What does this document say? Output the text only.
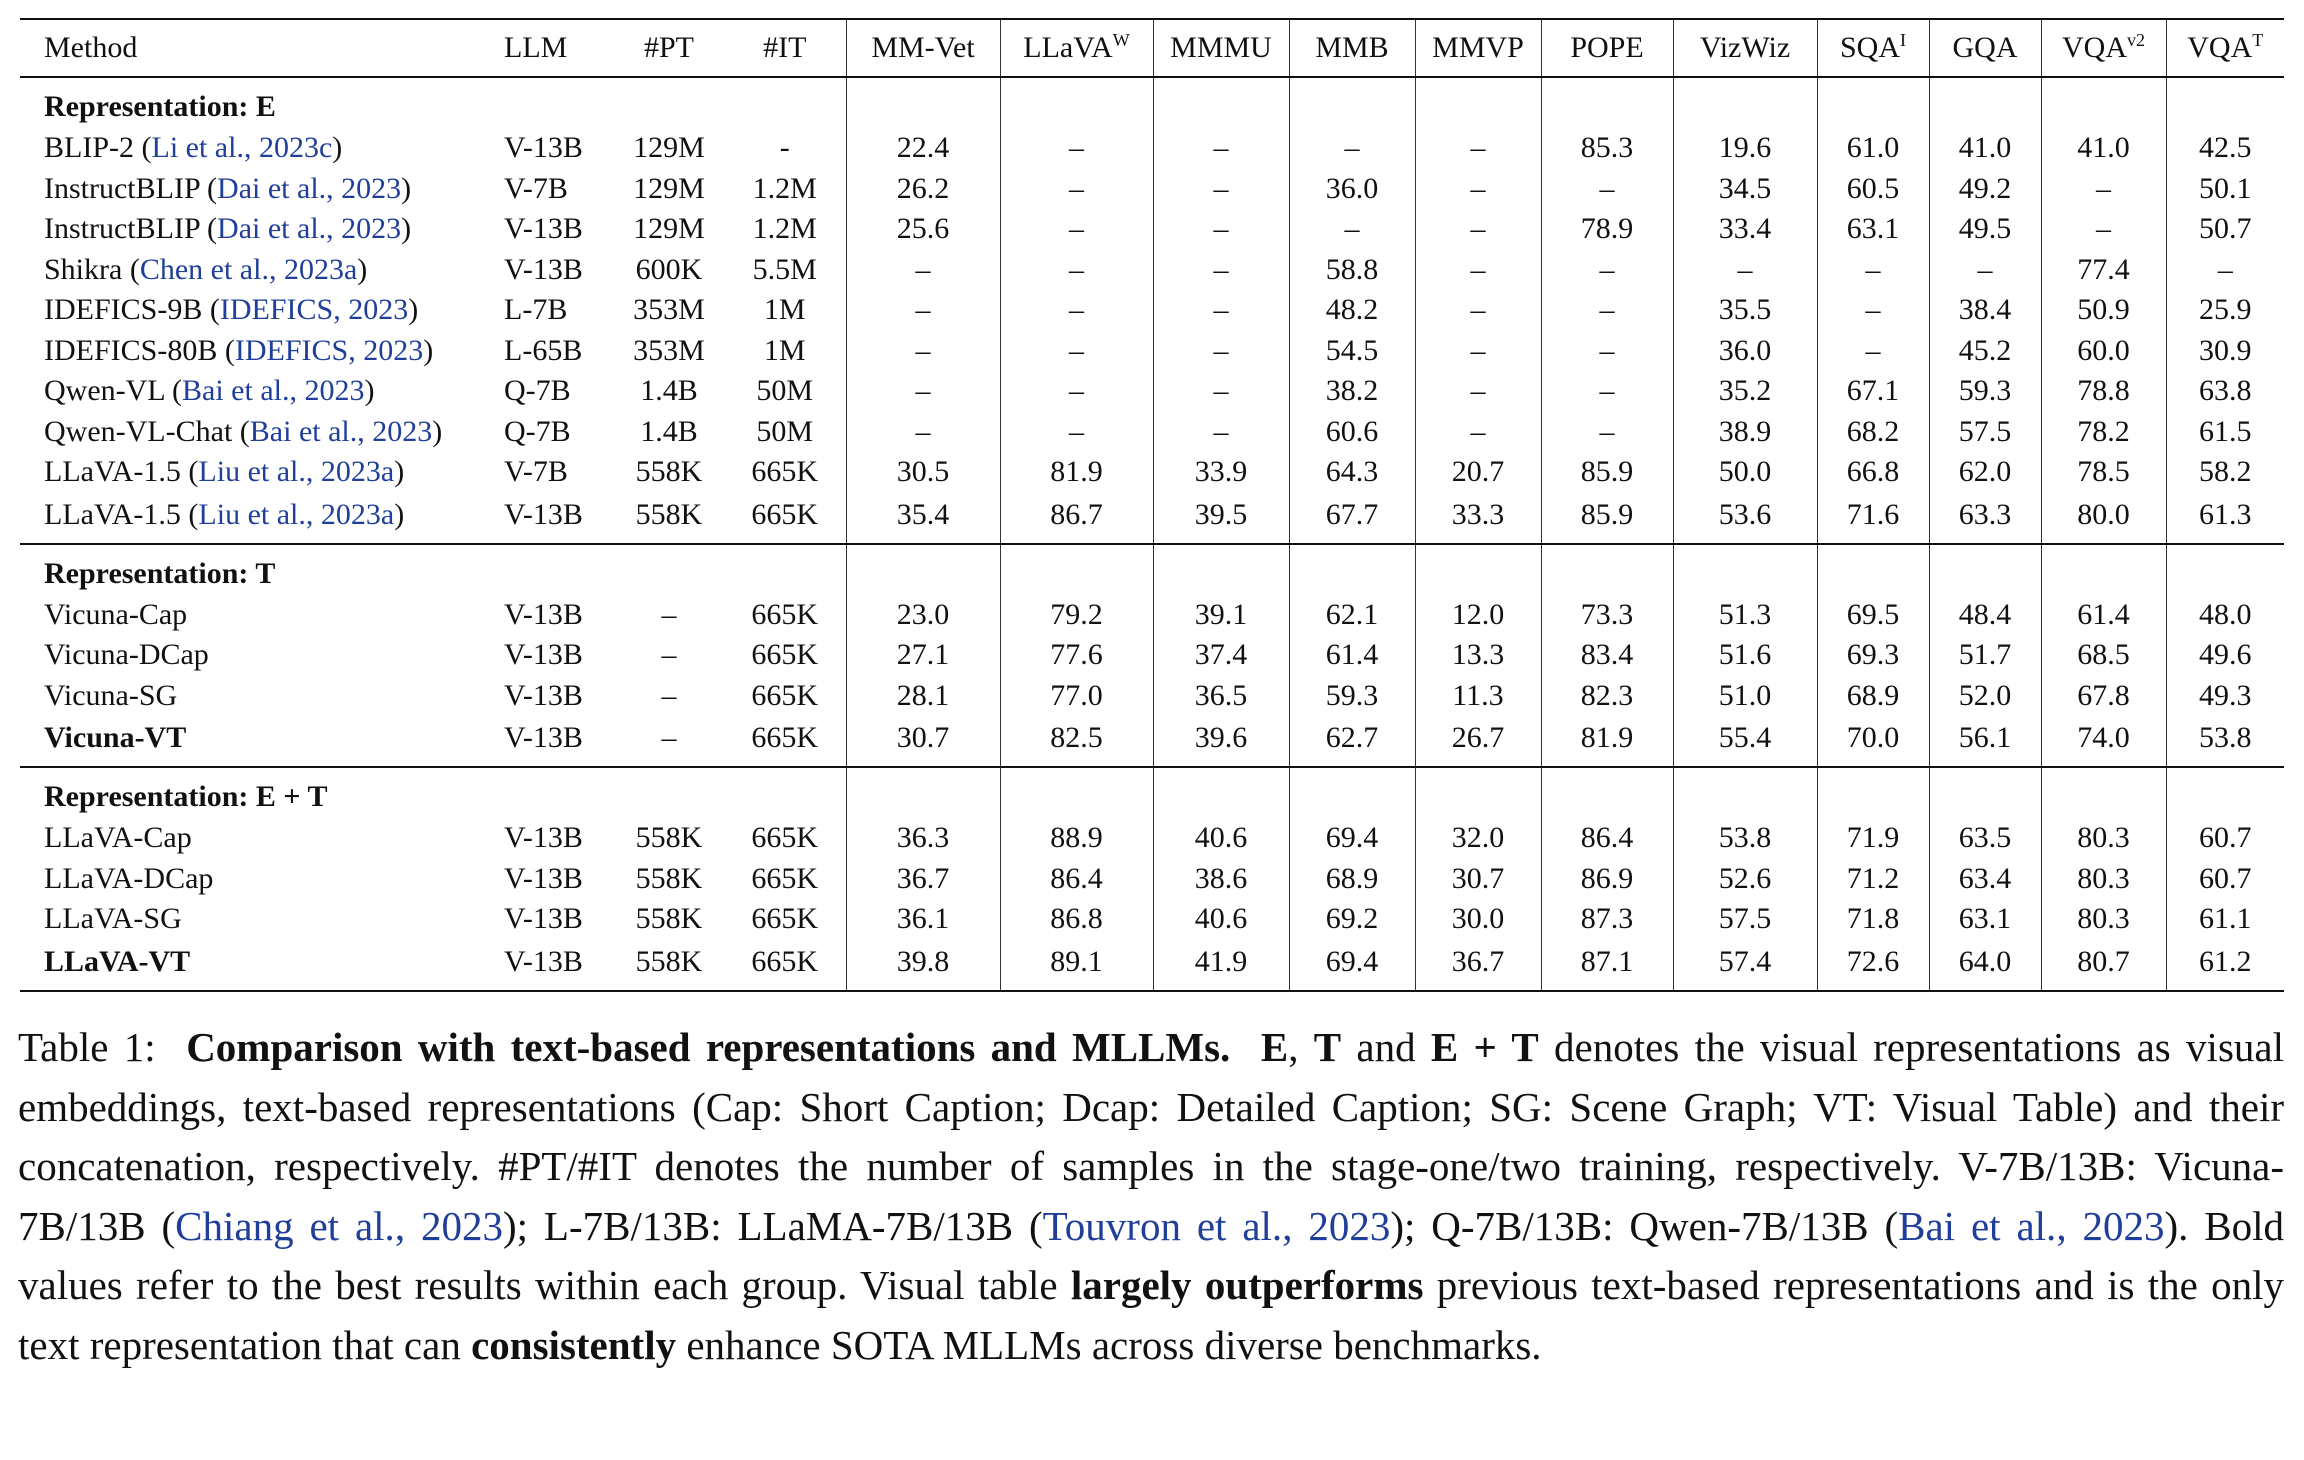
Method	LLM	#PT	#IT	MM-Vet	LLaVA$^W$	MMMU	MMB	MMVP	POPE	VizWiz	$SQA^I$	GQA	$VQA^{v2}$	$VQA^T$
Representation: E														
BLIP-2 (Li et al., 2023c)	V-13B	129M	-	22.4	–	–	–	–	85.3	19.6	61.0	41.0	41.0	42.5
InstructBLIP (Dai et al., 2023)	V-7B	129M	1.2M	26.2	–	–	36.0	–	–	34.5	60.5	49.2	–	50.1
InstructBLIP (Dai et al., 2023)	V-13B	129M	1.2M	25.6	–	–	–	–	78.9	33.4	63.1	49.5	–	50.7
Shikra (Chen et al., 2023a)	V-13B	600K	5.5M	–	–	–	58.8	–	–	–	–	–	77.4	–
IDEFICS-9B (IDEFICS, 2023)	L-7B	353M	1M	–	–	–	48.2	–	–	35.5	–	38.4	50.9	25.9
IDEFICS-80B (IDEFICS, 2023)	L-65B	353M	1M	–	–	–	54.5	–	–	36.0	–	45.2	60.0	30.9
Qwen-VL (Bai et al., 2023)	Q-7B	1.4B	50M	–	–	–	38.2	–	–	35.2	67.1	59.3	78.8	63.8
Qwen-VL-Chat (Bai et al., 2023)	Q-7B	1.4B	50M	–	–	–	60.6	–	–	38.9	68.2	57.5	78.2	61.5
LLaVA-1.5 (Liu et al., 2023a)	V-7B	558K	665K	30.5	81.9	33.9	64.3	20.7	85.9	50.0	66.8	62.0	78.5	58.2
LLaVA-1.5 (Liu et al., 2023a)	V-13B	558K	665K	35.4	86.7	39.5	67.7	33.3	85.9	53.6	71.6	63.3	80.0	61.3
Representation: T														
Vicuna-Cap	V-13B	–	665K	23.0	79.2	39.1	62.1	12.0	73.3	51.3	69.5	48.4	61.4	48.0
Vicuna-DCap	V-13B	–	665K	27.1	77.6	37.4	61.4	13.3	83.4	51.6	69.3	51.7	68.5	49.6
Vicuna-SG	V-13B	–	665K	28.1	77.0	36.5	59.3	11.3	82.3	51.0	68.9	52.0	67.8	49.3
Vicuna-VT	V-13B	–	665K	30.7	82.5	39.6	62.7	26.7	81.9	55.4	70.0	56.1	74.0	53.8
Representation: E + T														
LLaVA-Cap	V-13B	558K	665K	36.3	88.9	40.6	69.4	32.0	86.4	53.8	71.9	63.5	80.3	60.7
LLaVA-DCap	V-13B	558K	665K	36.7	86.4	38.6	68.9	30.7	86.9	52.6	71.2	63.4	80.3	60.7
LLaVA-SG	V-13B	558K	665K	36.1	86.8	40.6	69.2	30.0	87.3	57.5	71.8	63.1	80.3	61.1
LLaVA-VT	V-13B	558K	665K	39.8	89.1	41.9	69.4	36.7	87.1	57.4	72.6	64.0	80.7	61.2
Table 1: Comparison with text-based representations and MLLMs. E, T and E + T denotes the visual representations as visual embeddings, text-based representations (Cap: Short Caption; Dcap: Detailed Caption; SG: Scene Graph; VT: Visual Table) and their concatenation, respectively. #PT/#IT denotes the number of samples in the stage-one/two training, respectively. V-7B/13B: Vicuna-7B/13B (Chiang et al., 2023); L-7B/13B: LLaMA-7B/13B (Touvron et al., 2023); Q-7B/13B: Qwen-7B/13B (Bai et al., 2023). Bold values refer to the best results within each group. Visual table largely outperforms previous text-based representations and is the only text representation that can consistently enhance SOTA MLLMs across diverse benchmarks.
